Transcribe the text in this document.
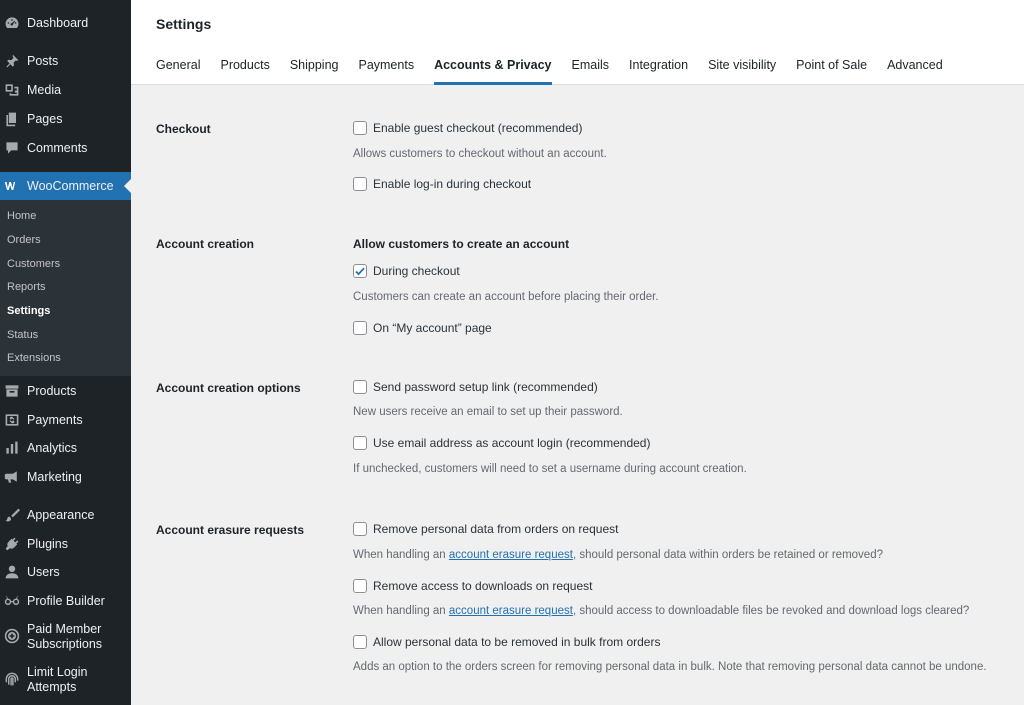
Dashboard
Posts
Media
Pages
Comments
WooCommerce
Home
Orders
Customers
Reports
Settings
Status
Extensions
Products
Payments
Analytics
Marketing
Appearance
Plugins
Users
Profile Builder
Paid Member Subscriptions
Limit Login Attempts
Settings
General Products Shipping Payments Accounts & Privacy Emails Integration Site visibility Point of Sale Advanced
Checkout	Enable guest checkout (recommended)
Allows customers to checkout without an account.
Enable log-in during checkout
Account creation	Allow customers to create an account
During checkout
Customers can create an account before placing their order.
On “My account” page
Account creation options	Send password setup link (recommended)
New users receive an email to set up their password.
Use email address as account login (recommended)
If unchecked, customers will need to set a username during account creation.
Account erasure requests	Remove personal data from orders on request
When handling an account erasure request, should personal data within orders be retained or removed?
Remove access to downloads on request
When handling an account erasure request, should access to downloadable files be revoked and download logs cleared?
Allow personal data to be removed in bulk from orders
Adds an option to the orders screen for removing personal data in bulk. Note that removing personal data cannot be undone.
